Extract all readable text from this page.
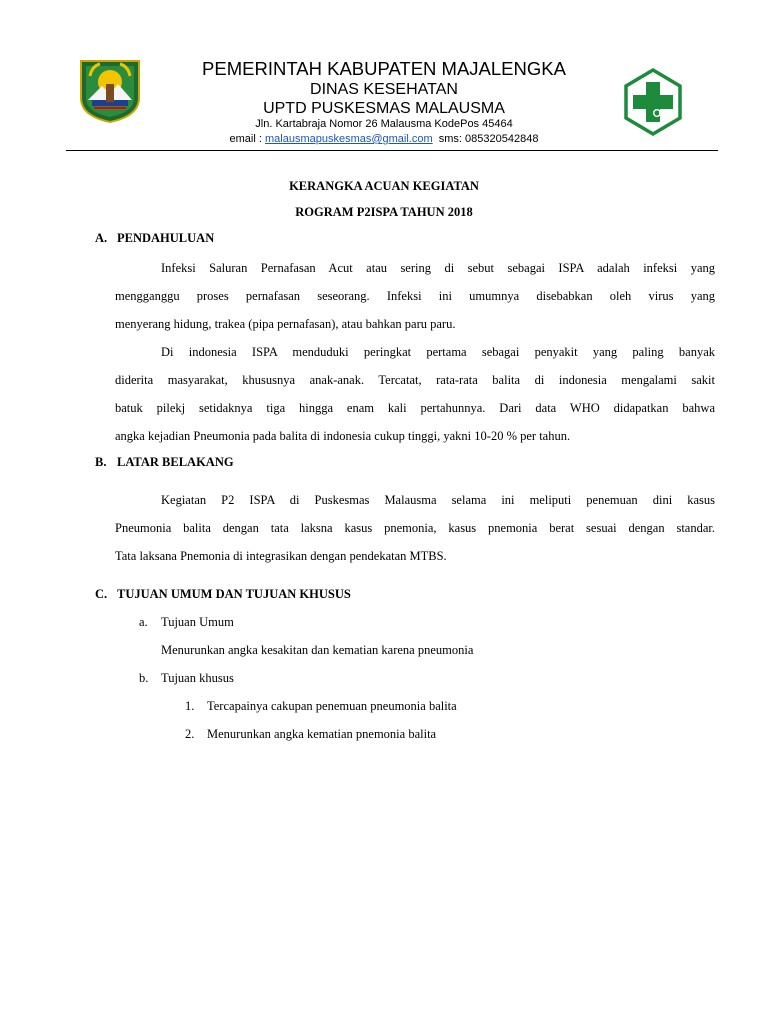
PEMERINTAH KABUPATEN MAJALENGKA
DINAS KESEHATAN
UPTD PUSKESMAS MALAUSMA
Jln. Kartabraja Nomor 26 Malausma KodePos 45464
email : malausmapuskesmas@gmail.com  sms: 085320542848
KERANGKA ACUAN KEGIATAN
ROGRAM P2ISPA TAHUN 2018
A. PENDAHULUAN
Infeksi Saluran Pernafasan Acut atau sering di sebut sebagai ISPA adalah infeksi yang
mengganggu proses pernafasan seseorang. Infeksi ini umumnya disebabkan oleh virus yang
menyerang hidung, trakea (pipa pernafasan), atau bahkan paru paru.
Di indonesia ISPA menduduki peringkat pertama sebagai penyakit yang paling banyak
diderita masyarakat, khususnya anak-anak. Tercatat, rata-rata balita di indonesia mengalami sakit
batuk pilekj setidaknya tiga hingga enam kali pertahunnya. Dari data WHO didapatkan bahwa
angka kejadian Pneumonia pada balita di indonesia cukup tinggi, yakni 10-20 % per tahun.
B. LATAR BELAKANG
Kegiatan P2 ISPA di Puskesmas Malausma selama ini meliputi penemuan dini kasus
Pneumonia balita dengan tata laksna kasus pnemonia, kasus pnemonia berat sesuai dengan standar.
Tata laksana Pnemonia di integrasikan dengan pendekatan MTBS.
C. TUJUAN UMUM DAN TUJUAN KHUSUS
a. Tujuan Umum
Menurunkan angka kesakitan dan kematian karena pneumonia
b. Tujuan khusus
1. Tercapainya cakupan penemuan pneumonia balita
2. Menurunkan angka kematian pnemonia balita
